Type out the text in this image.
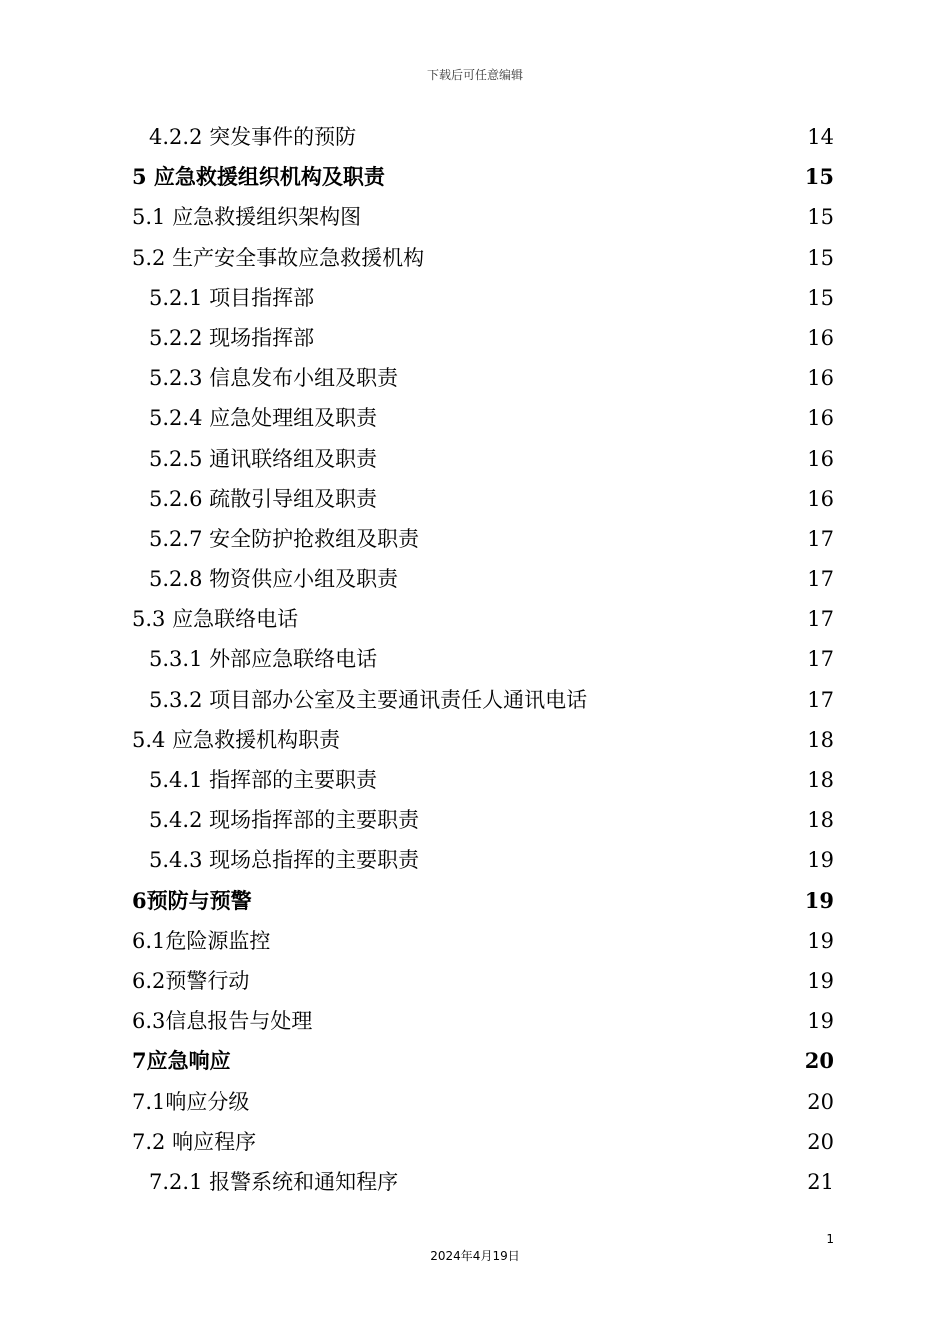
下载后可任意编辑
4.2.2 突发事件的预防	14
5 应急救援组织机构及职责	15
5.1 应急救援组织架构图	15
5.2 生产安全事故应急救援机构	15
5.2.1 项目指挥部	15
5.2.2 现场指挥部	16
5.2.3 信息发布小组及职责	16
5.2.4 应急处理组及职责	16
5.2.5 通讯联络组及职责	16
5.2.6 疏散引导组及职责	16
5.2.7 安全防护抢救组及职责	17
5.2.8 物资供应小组及职责	17
5.3 应急联络电话	17
5.3.1 外部应急联络电话	17
5.3.2 项目部办公室及主要通讯责任人通讯电话	17
5.4 应急救援机构职责	18
5.4.1 指挥部的主要职责	18
5.4.2 现场指挥部的主要职责	18
5.4.3 现场总指挥的主要职责	19
6预防与预警	19
6.1危险源监控	19
6.2预警行动	19
6.3信息报告与处理	19
7应急响应	20
7.1响应分级	20
7.2 响应程序	20
7.2.1 报警系统和通知程序	21
1
2024年4月19日
